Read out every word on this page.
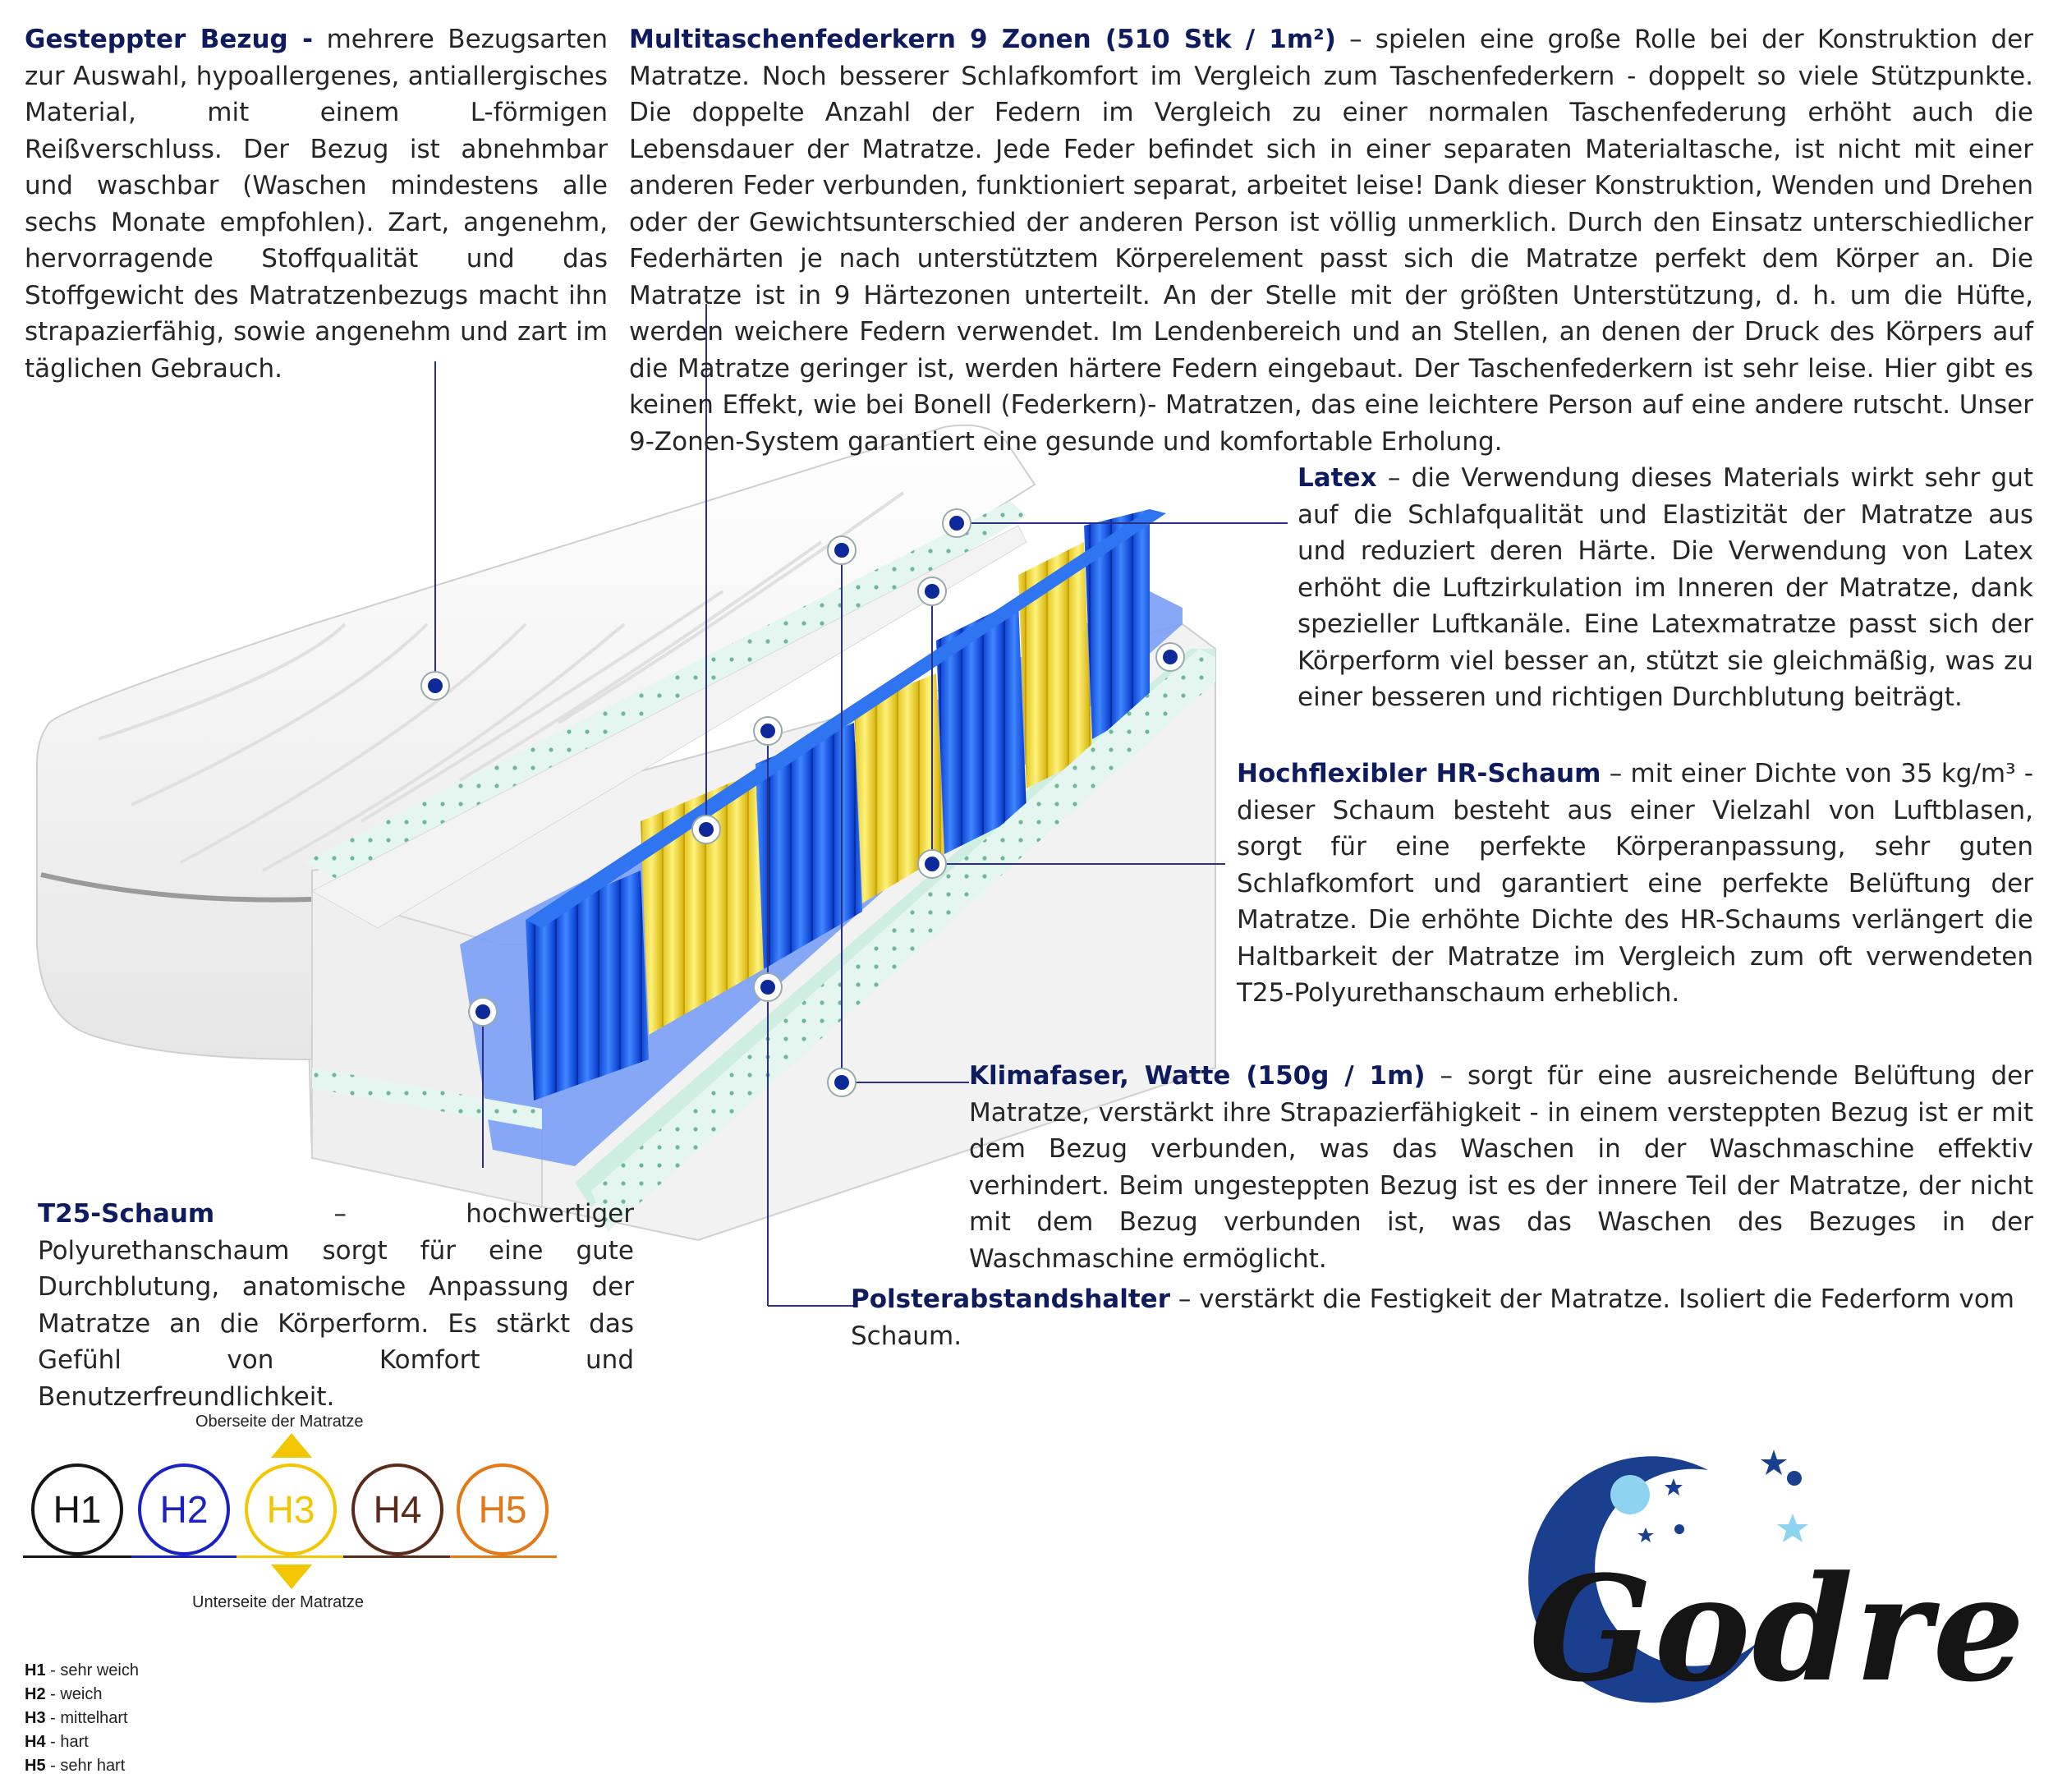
Gesteppter Bezug - mehrere Bezugsarten zur Auswahl, hypoallergenes, antiallergisches Material, mit einem L-förmigen Reißverschluss. Der Bezug ist abnehmbar und waschbar (Waschen mindestens alle sechs Monate empfohlen). Zart, angenehm, hervorragende Stoffqualität und das Stoffgewicht des Matratzenbezugs macht ihn strapazierfähig, sowie angenehm und zart im täglichen Gebrauch.
Multitaschenfederkern 9 Zonen (510 Stk / 1m²) – spielen eine große Rolle bei der Konstruktion der Matratze. Noch besserer Schlafkomfort im Vergleich zum Taschenfederkern - doppelt so viele Stützpunkte. Die doppelte Anzahl der Federn im Vergleich zu einer normalen Taschenfederung erhöht auch die Lebensdauer der Matratze. Jede Feder befindet sich in einer separaten Materialtasche, ist nicht mit einer anderen Feder verbunden, funktioniert separat, arbeitet leise! Dank dieser Konstruktion, Wenden und Drehen oder der Gewichtsunterschied der anderen Person ist völlig unmerklich. Durch den Einsatz unterschiedlicher Federhärten je nach unterstütztem Körperelement passt sich die Matratze perfekt dem Körper an. Die Matratze ist in 9 Härtezonen unterteilt. An der Stelle mit der größten Unterstützung, d. h. um die Hüfte, werden weichere Federn verwendet. Im Lendenbereich und an Stellen, an denen der Druck des Körpers auf die Matratze geringer ist, werden härtere Federn eingebaut. Der Taschenfederkern ist sehr leise. Hier gibt es keinen Effekt, wie bei Bonell (Federkern)- Matratzen, das eine leichtere Person auf eine andere rutscht. Unser 9-Zonen-System garantiert eine gesunde und komfortable Erholung.
Latex – die Verwendung dieses Materials wirkt sehr gut auf die Schlafqualität und Elastizität der Matratze aus und reduziert deren Härte. Die Verwendung von Latex erhöht die Luftzirkulation im Inneren der Matratze, dank spezieller Luftkanäle. Eine Latexmatratze passt sich der Körperform viel besser an, stützt sie gleichmäßig, was zu einer besseren und richtigen Durchblutung beiträgt.
Hochflexibler HR-Schaum – mit einer Dichte von 35 kg/m³ - dieser Schaum besteht aus einer Vielzahl von Luftblasen, sorgt für eine perfekte Körperanpassung, sehr guten Schlafkomfort und garantiert eine perfekte Belüftung der Matratze. Die erhöhte Dichte des HR-Schaums verlängert die Haltbarkeit der Matratze im Vergleich zum oft verwendeten T25-Polyurethanschaum erheblich.
Klimafaser, Watte (150g / 1m) – sorgt für eine ausreichende Belüftung der Matratze, verstärkt ihre Strapazierfähigkeit - in einem versteppten Bezug ist er mit dem Bezug verbunden, was das Waschen in der Waschmaschine effektiv verhindert. Beim ungesteppten Bezug ist es der innere Teil der Matratze, der nicht mit dem Bezug verbunden ist, was das Waschen des Bezuges in der Waschmaschine ermöglicht.
T25-Schaum – hochwertiger Polyurethanschaum sorgt für eine gute Durchblutung, anatomische Anpassung der Matratze an die Körperform. Es stärkt das Gefühl von Komfort und Benutzerfreundlichkeit.
Polsterabstandshalter – verstärkt die Festigkeit der Matratze. Isoliert die Federform vom Schaum.
Oberseite der Matratze
Unterseite der Matratze
H1 H2 H3 H4 H5
H1 - sehr weich
H2 - weich
H3 - mittelhart
H4 - hart
H5 - sehr hart
Godre
